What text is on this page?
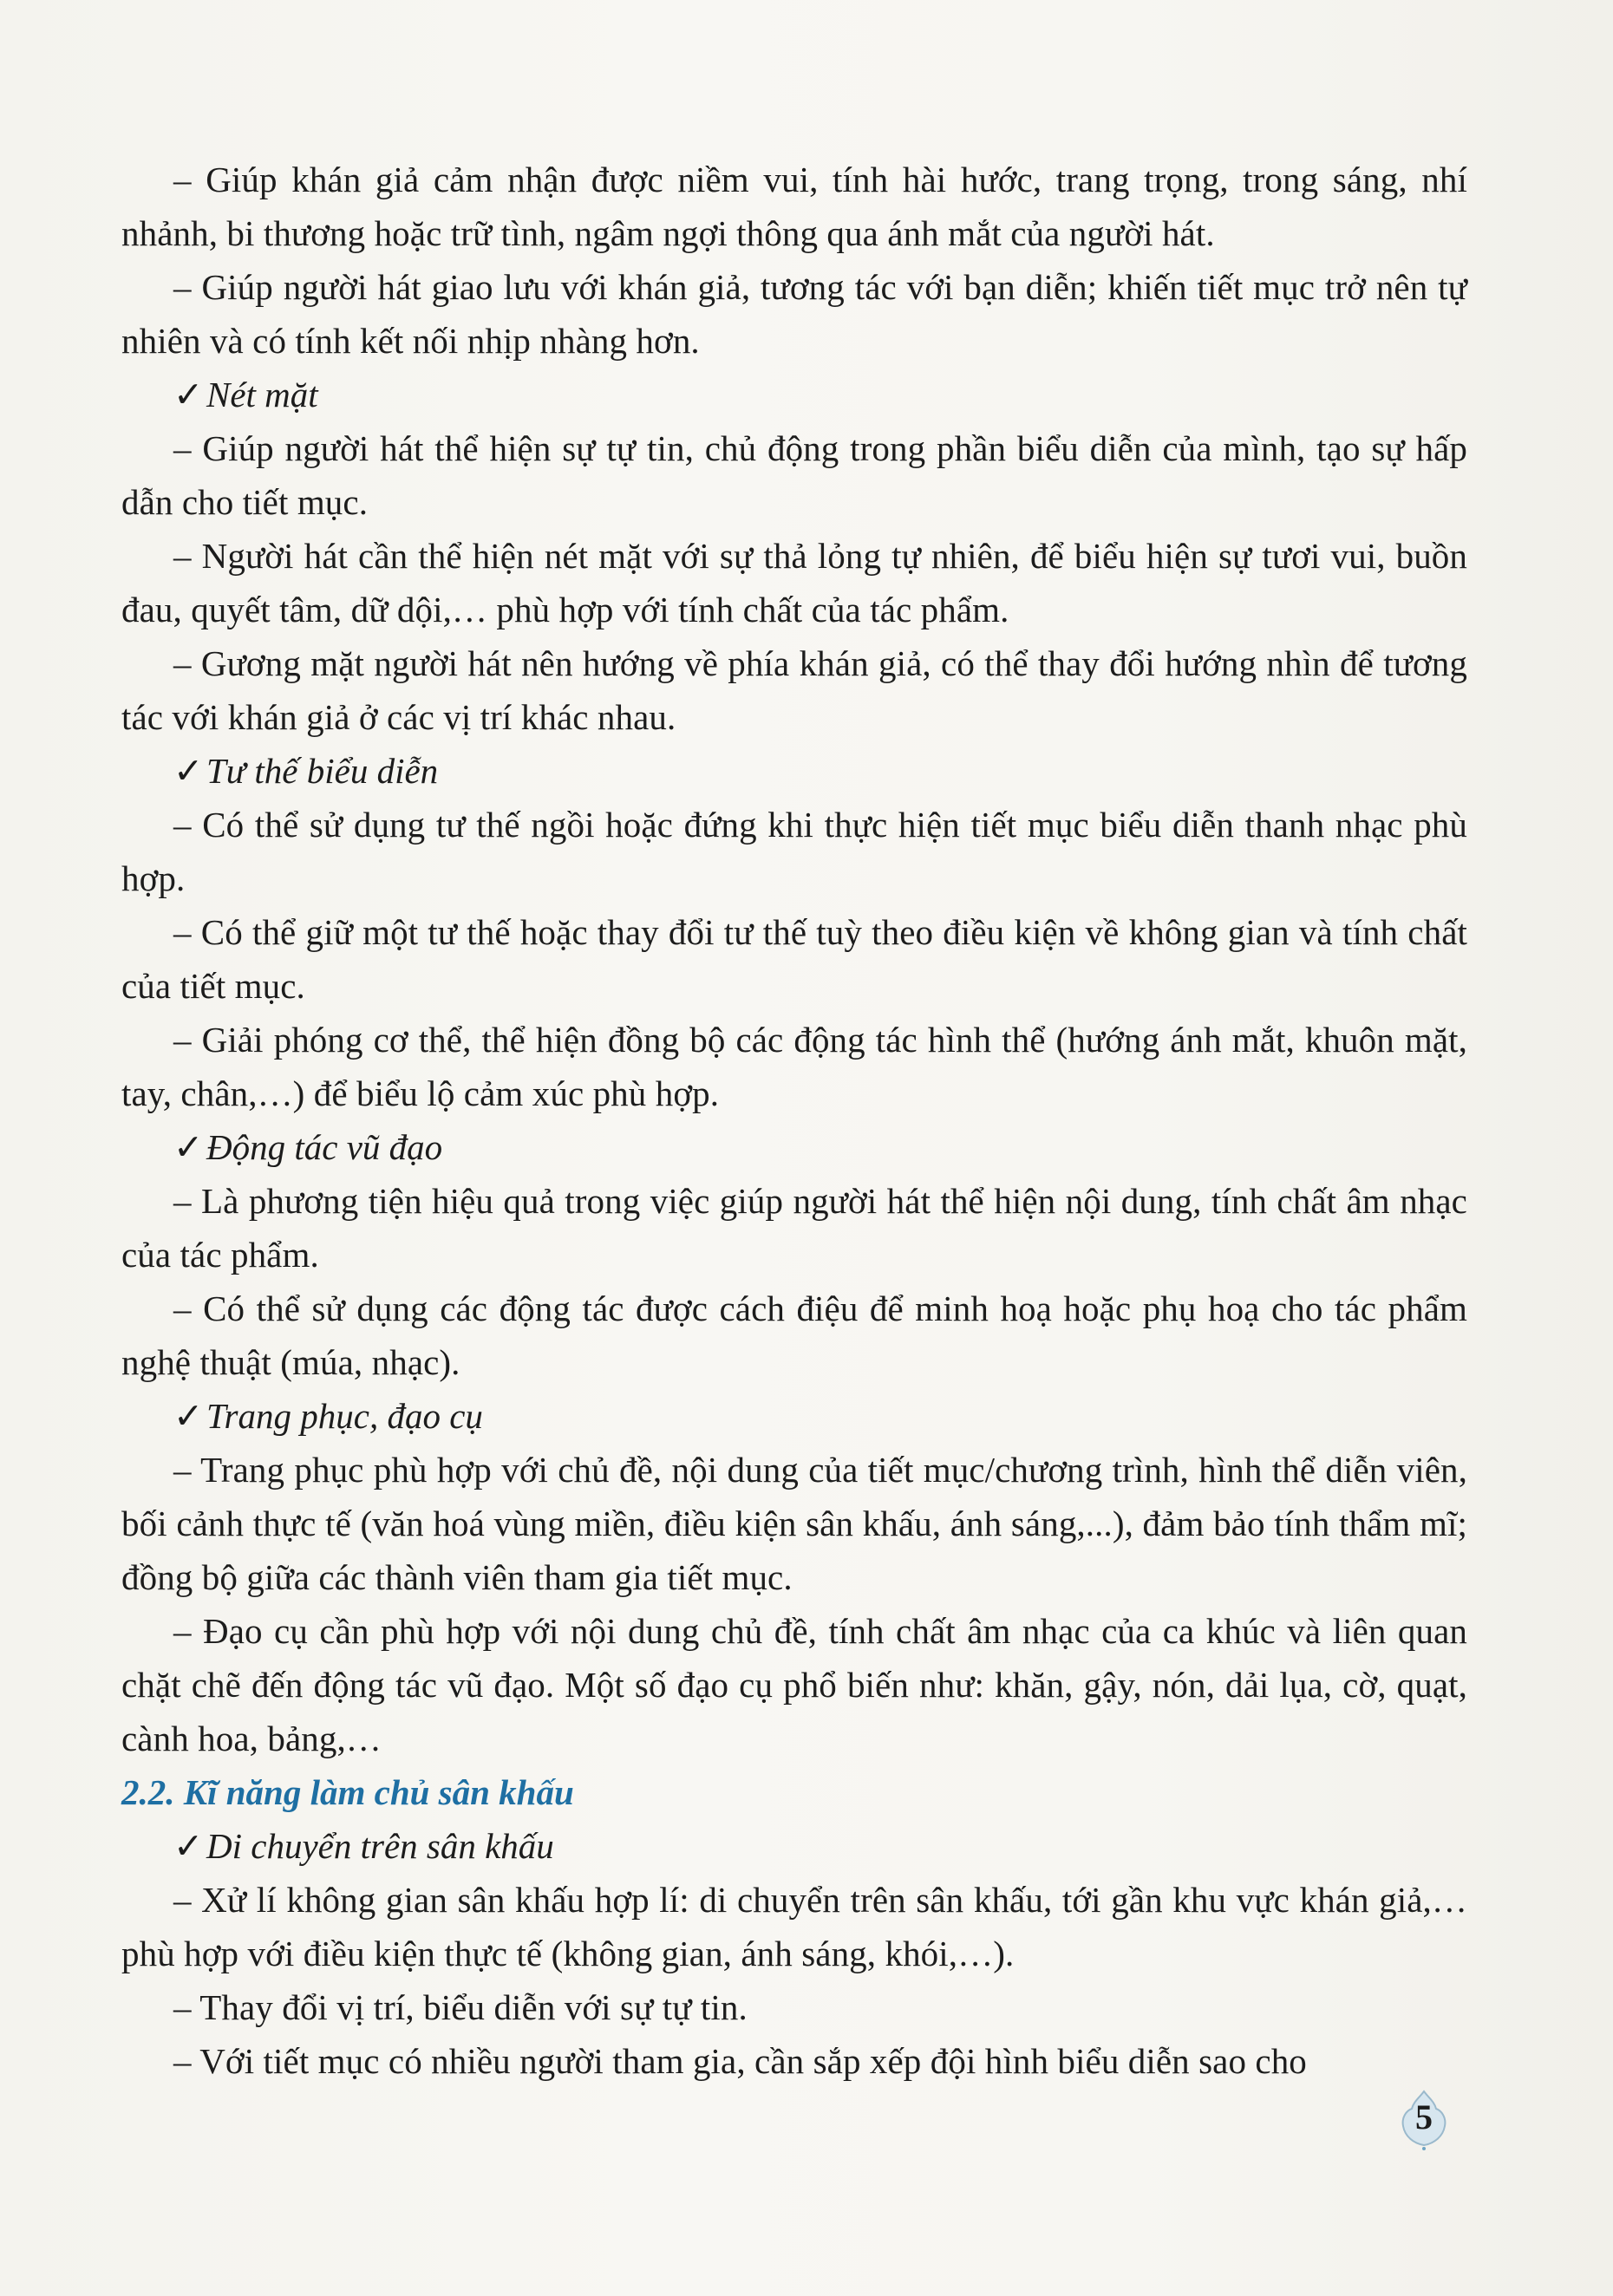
– Giúp khán giả cảm nhận được niềm vui, tính hài hước, trang trọng, trong sáng, nhí nhảnh, bi thương hoặc trữ tình, ngâm ngợi thông qua ánh mắt của người hát.

– Giúp người hát giao lưu với khán giả, tương tác với bạn diễn; khiến tiết mục trở nên tự nhiên và có tính kết nối nhịp nhàng hơn.

✓Nét mặt

– Giúp người hát thể hiện sự tự tin, chủ động trong phần biểu diễn của mình, tạo sự hấp dẫn cho tiết mục.

– Người hát cần thể hiện nét mặt với sự thả lỏng tự nhiên, để biểu hiện sự tươi vui, buồn đau, quyết tâm, dữ dội,… phù hợp với tính chất của tác phẩm.

– Gương mặt người hát nên hướng về phía khán giả, có thể thay đổi hướng nhìn để tương tác với khán giả ở các vị trí khác nhau.

✓Tư thế biểu diễn

– Có thể sử dụng tư thế ngồi hoặc đứng khi thực hiện tiết mục biểu diễn thanh nhạc phù hợp.

– Có thể giữ một tư thế hoặc thay đổi tư thế tuỳ theo điều kiện về không gian và tính chất của tiết mục.

– Giải phóng cơ thể, thể hiện đồng bộ các động tác hình thể (hướng ánh mắt, khuôn mặt, tay, chân,…) để biểu lộ cảm xúc phù hợp.

✓Động tác vũ đạo

– Là phương tiện hiệu quả trong việc giúp người hát thể hiện nội dung, tính chất âm nhạc của tác phẩm.

– Có thể sử dụng các động tác được cách điệu để minh hoạ hoặc phụ hoạ cho tác phẩm nghệ thuật (múa, nhạc).

✓Trang phục, đạo cụ

– Trang phục phù hợp với chủ đề, nội dung của tiết mục/chương trình, hình thể diễn viên, bối cảnh thực tế (văn hoá vùng miền, điều kiện sân khấu, ánh sáng,...), đảm bảo tính thẩm mĩ; đồng bộ giữa các thành viên tham gia tiết mục.

– Đạo cụ cần phù hợp với nội dung chủ đề, tính chất âm nhạc của ca khúc và liên quan chặt chẽ đến động tác vũ đạo. Một số đạo cụ phổ biến như: khăn, gậy, nón, dải lụa, cờ, quạt, cành hoa, bảng,…

2.2. Kĩ năng làm chủ sân khấu

✓Di chuyển trên sân khấu

– Xử lí không gian sân khấu hợp lí: di chuyển trên sân khấu, tới gần khu vực khán giả,… phù hợp với điều kiện thực tế (không gian, ánh sáng, khói,…).

– Thay đổi vị trí, biểu diễn với sự tự tin.

– Với tiết mục có nhiều người tham gia, cần sắp xếp đội hình biểu diễn sao cho

5
